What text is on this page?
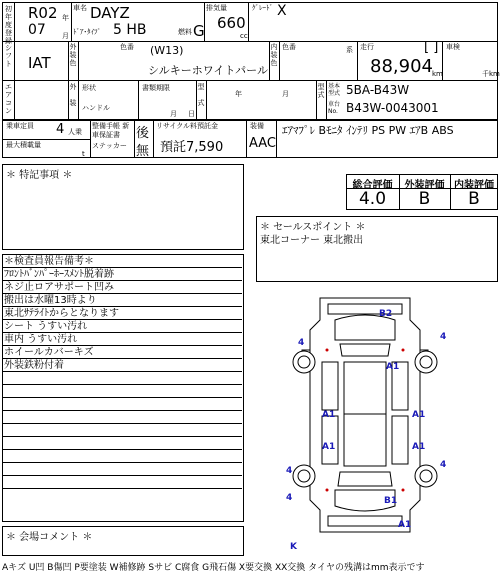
初年度登録
R02 年
07 月
車名 DAYZ
ﾄﾞｱ･ﾀｲﾌﾟ 5 HB	燃料 G
排気量
660
cc
ｸﾞﾚｰﾄﾞ X
シフト IAT
外装色
色番 (W13)
シルキーホワイトパール
内装色
色番	系 走行	[ ]
88,904 km
車検
千km
エアコン
外

装
形状
ハンドル
書類期限
月 日
型

式
年	月
型式
基本型式 5BA-B43W
車台No. B43W-0043001
乗車定員 4 人乗
最大積載量
t
整備手帳 新車保証書	後
ステッカー 無
リサイクル料預託金
預託7,590
装備
AAC
ｴｱﾏﾌﾟﾚ Bﾓﾆﾀ ｲﾝﾃﾘ PS PW ｴｱB ABS
＊ 特記事項 ＊
総合評価	外装評価 内装評価
4.0	B	B
＊ セールスポイント ＊
東北コーナー 東北搬出
＊検査員報告備考＊
ﾌﾛﾝﾄﾊﾞﾝﾊﾟｰﾎｰｽﾒﾝﾄ脱着跡
ネジ止ロアサポート凹み
搬出は水曜13時より
東北ｻﾃﾗｲﾄからとなります
シート うすい汚れ
車内 うすい汚れ
ホイールカバーキズ
外装鉄粉付着
＊ 会場コメント ＊
B2
4
4
A1
A1	A1
A1	A1
4
4
4	B1
A1
K
Aキズ U凹 B傷凹 P要塗装 W補修跡 Sサビ C腐食 G飛石傷 X要交換 XX交換 タイヤの残溝はmm表示です
